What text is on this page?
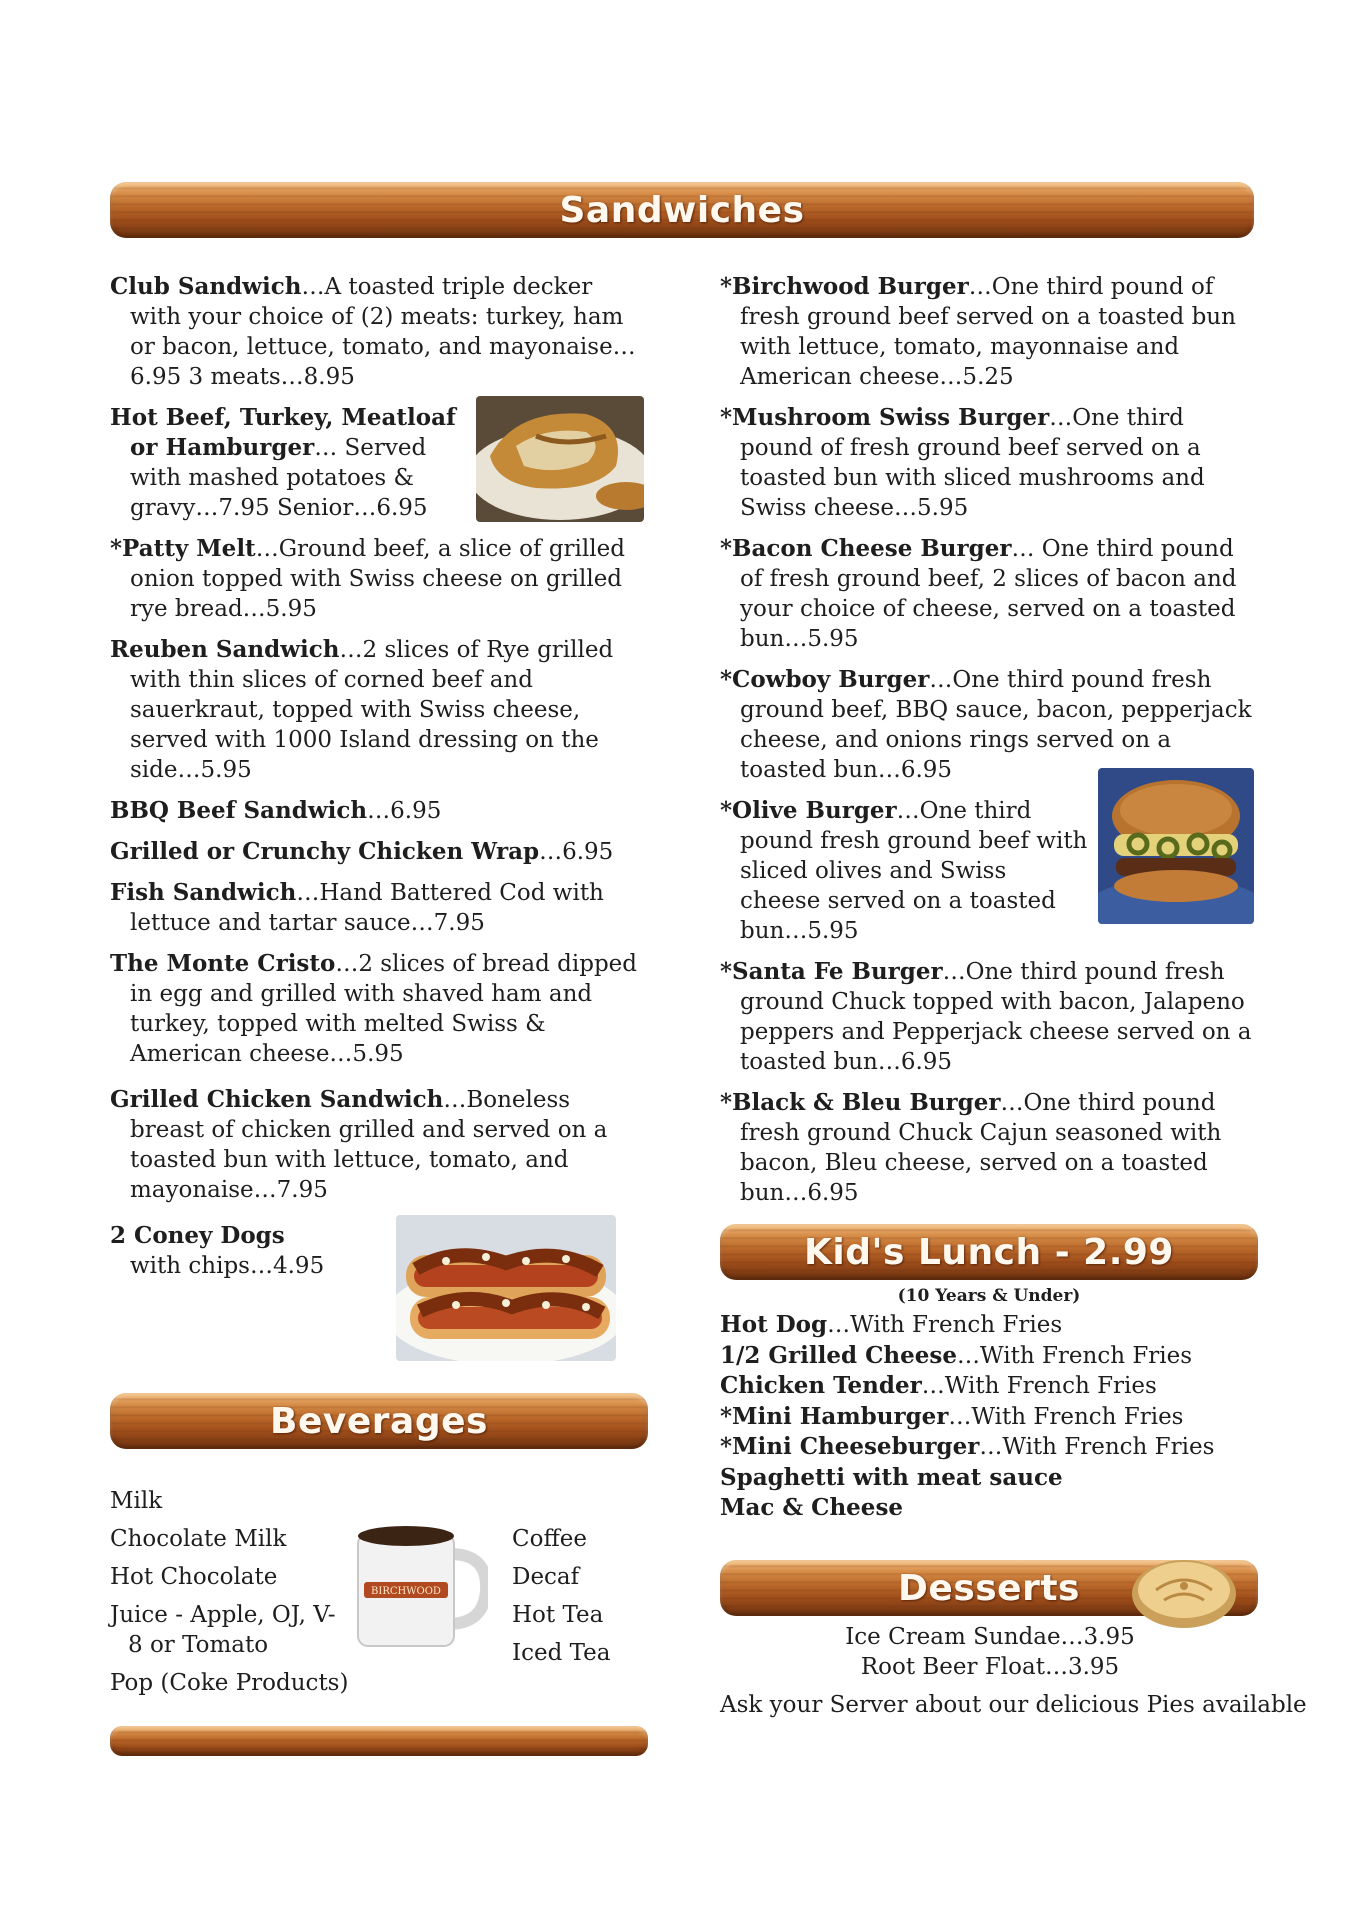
Sandwiches
Club Sandwich…A toasted triple decker with your choice of (2) meats: turkey, ham or bacon, lettuce, tomato, and mayonaise…6.95 3 meats…8.95
Hot Beef, Turkey, Meatloaf or Hamburger… Served with mashed potatoes & gravy…7.95 Senior…6.95
*Patty Melt…Ground beef, a slice of grilled onion topped with Swiss cheese on grilled rye bread…5.95
Reuben Sandwich…2 slices of Rye grilled with thin slices of corned beef and sauerkraut, topped with Swiss cheese, served with 1000 Island dressing on the side…5.95
BBQ Beef Sandwich…6.95
Grilled or Crunchy Chicken Wrap…6.95
Fish Sandwich…Hand Battered Cod with lettuce and tartar sauce…7.95
The Monte Cristo…2 slices of bread dipped in egg and grilled with shaved ham and turkey, topped with melted Swiss & American cheese…5.95
Grilled Chicken Sandwich…Boneless breast of chicken grilled and served on a toasted bun with lettuce, tomato, and mayonaise…7.95
2 Coney Dogs with chips…4.95
*Birchwood Burger…One third pound of fresh ground beef served on a toasted bun with lettuce, tomato, mayonnaise and American cheese…5.25
*Mushroom Swiss Burger…One third pound of fresh ground beef served on a toasted bun with sliced mushrooms and Swiss cheese…5.95
*Bacon Cheese Burger… One third pound of fresh ground beef, 2 slices of bacon and your choice of cheese, served on a toasted bun…5.95
*Cowboy Burger…One third pound fresh ground beef, BBQ sauce, bacon, pepperjack cheese, and onions rings served on a toasted bun…6.95
*Olive Burger…One third pound fresh ground beef with sliced olives and Swiss cheese served on a toasted bun…5.95
*Santa Fe Burger…One third pound fresh ground Chuck topped with bacon, Jalapeno peppers and Pepperjack cheese served on a toasted bun…6.95
*Black & Bleu Burger…One third pound fresh ground Chuck Cajun seasoned with bacon, Bleu cheese, served on a toasted bun…6.95
Kid's Lunch - 2.99
(10 Years & Under)
Hot Dog…With French Fries
1/2 Grilled Cheese…With French Fries
Chicken Tender…With French Fries
*Mini Hamburger…With French Fries
*Mini Cheeseburger…With French Fries
Spaghetti with meat sauce
Mac & Cheese
Beverages
Milk
Chocolate Milk
Hot Chocolate
Juice - Apple, OJ, V-8 or Tomato
Pop (Coke Products)
Coffee
Decaf
Hot Tea
Iced Tea
BIRCHWOOD	Desserts
Ice Cream Sundae…3.95
Root Beer Float…3.95
Ask your Server about our delicious Pies available
